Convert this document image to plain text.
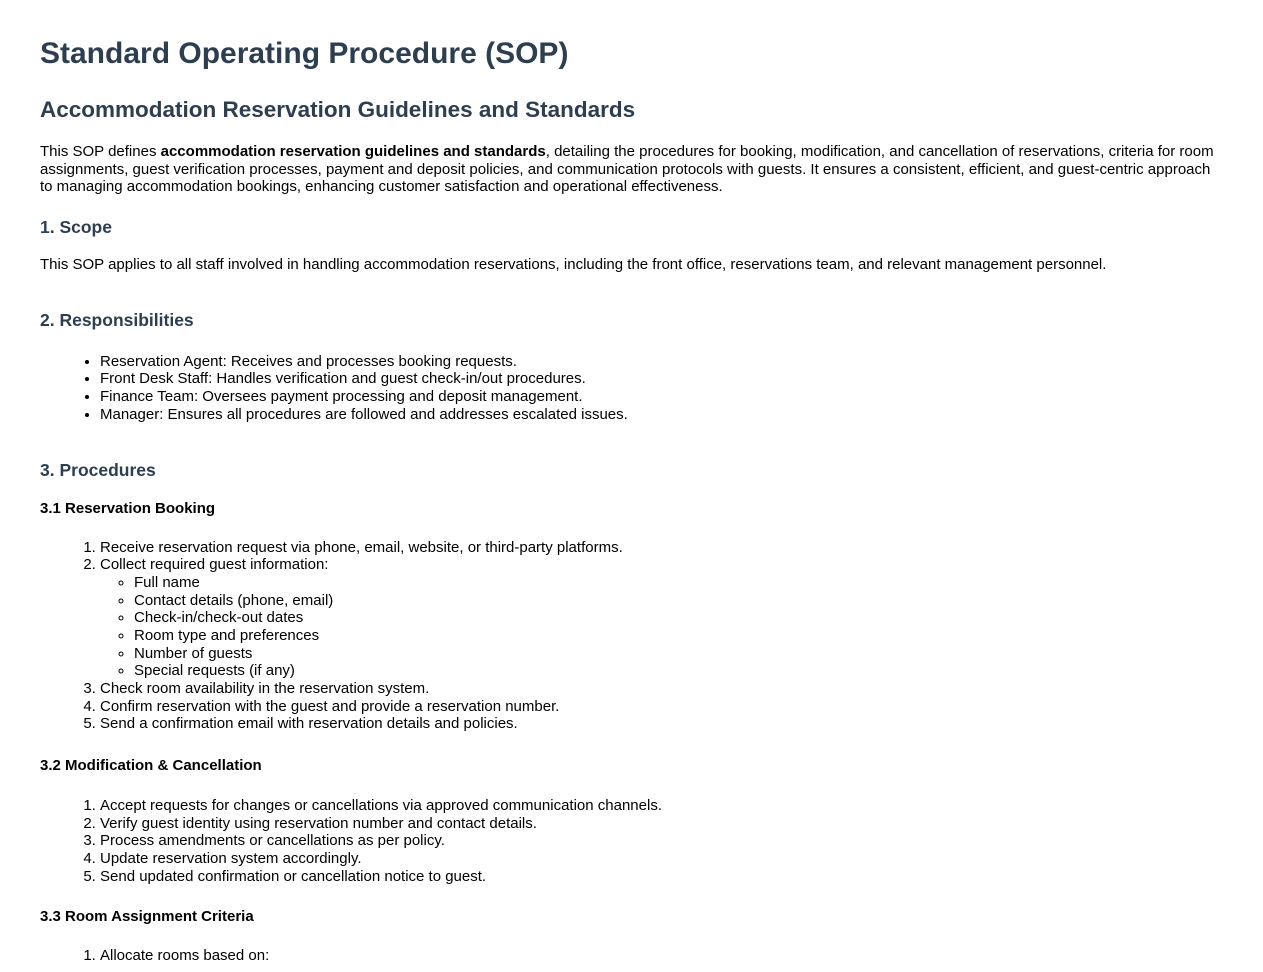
Standard Operating Procedure (SOP)
Accommodation Reservation Guidelines and Standards

This SOP defines accommodation reservation guidelines and standards, detailing the procedures for booking, modification, and cancellation of reservations, criteria for room assignments, guest verification processes, payment and deposit policies, and communication protocols with guests. It ensures a consistent, efficient, and guest-centric approach to managing accommodation bookings, enhancing customer satisfaction and operational effectiveness.

1. Scope

This SOP applies to all staff involved in handling accommodation reservations, including the front office, reservations team, and relevant management personnel.

2. Responsibilities
• Reservation Agent: Receives and processes booking requests.
• Front Desk Staff: Handles verification and guest check-in/out procedures.
• Finance Team: Oversees payment processing and deposit management.
• Manager: Ensures all procedures are followed and addresses escalated issues.
3. Procedures
3.1 Reservation Booking
1. Receive reservation request via phone, email, website, or third-party platforms.
2. Collect required guest information:
◦ Full name
◦ Contact details (phone, email)
◦ Check-in/check-out dates
◦ Room type and preferences
◦ Number of guests
◦ Special requests (if any)
3. Check room availability in the reservation system.
4. Confirm reservation with the guest and provide a reservation number.
5. Send a confirmation email with reservation details and policies.
3.2 Modification & Cancellation
1. Accept requests for changes or cancellations via approved communication channels.
2. Verify guest identity using reservation number and contact details.
3. Process amendments or cancellations as per policy.
4. Update reservation system accordingly.
5. Send updated confirmation or cancellation notice to guest.
3.3 Room Assignment Criteria
1. Allocate rooms based on:
